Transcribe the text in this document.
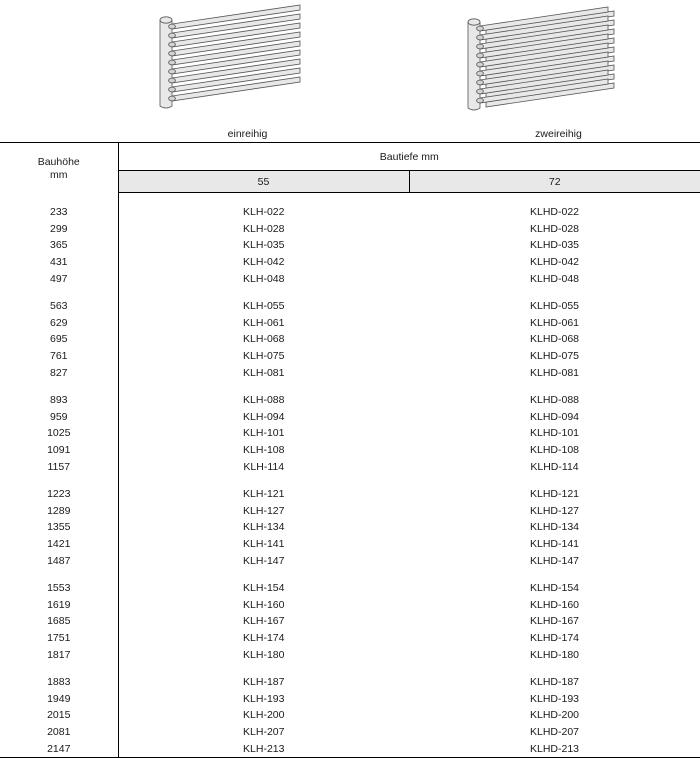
einreihig	zweireihig
Bauhöhe
mm	Bautiefe mm	
	55	72

233	KLH-022	KLHD-022
299	KLH-028	KLHD-028
365	KLH-035	KLHD-035
431	KLH-042	KLHD-042
497	KLH-048	KLHD-048

563	KLH-055	KLHD-055
629	KLH-061	KLHD-061
695	KLH-068	KLHD-068
761	KLH-075	KLHD-075
827	KLH-081	KLHD-081

893	KLH-088	KLHD-088
959	KLH-094	KLHD-094
1025	KLH-101	KLHD-101
1091	KLH-108	KLHD-108
1157	KLH-114	KLHD-114

1223	KLH-121	KLHD-121
1289	KLH-127	KLHD-127
1355	KLH-134	KLHD-134
1421	KLH-141	KLHD-141
1487	KLH-147	KLHD-147

1553	KLH-154	KLHD-154
1619	KLH-160	KLHD-160
1685	KLH-167	KLHD-167
1751	KLH-174	KLHD-174
1817	KLH-180	KLHD-180

1883	KLH-187	KLHD-187
1949	KLH-193	KLHD-193
2015	KLH-200	KLHD-200
2081	KLH-207	KLHD-207
2147	KLH-213	KLHD-213
